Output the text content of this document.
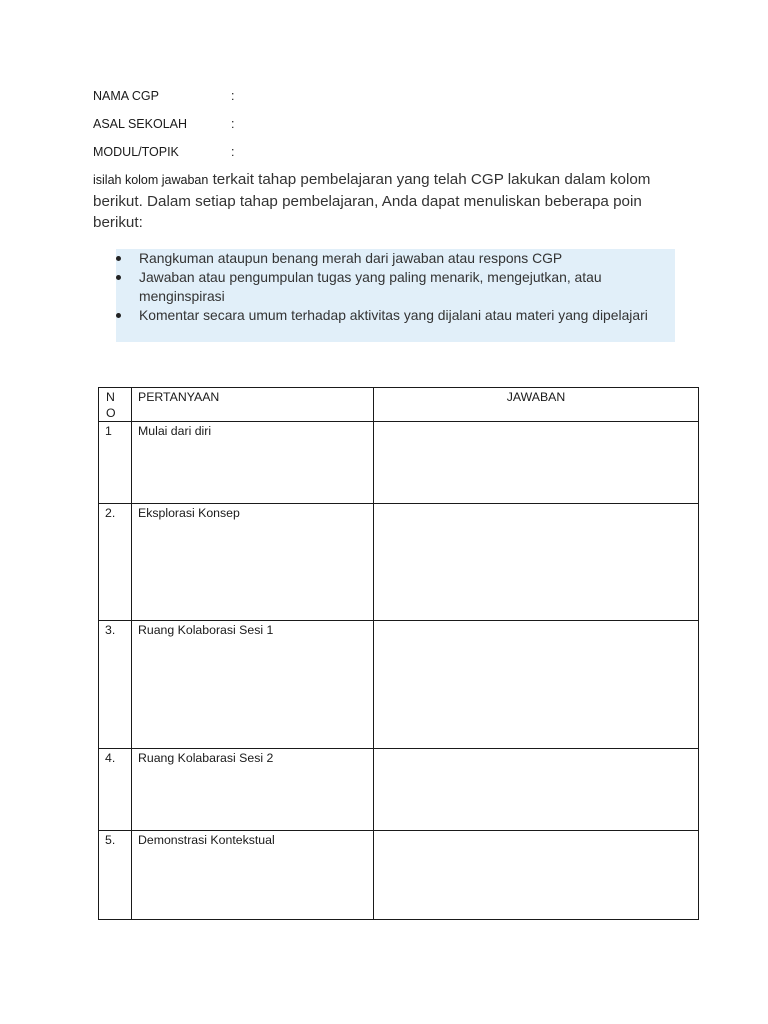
NAMA CGP	:
ASAL SEKOLAH	:
MODUL/TOPIK	:
isilah kolom jawaban terkait tahap pembelajaran yang telah CGP lakukan dalam kolom berikut. Dalam setiap tahap pembelajaran, Anda dapat menuliskan beberapa poin berikut:
Rangkuman ataupun benang merah dari jawaban atau respons CGP
Jawaban atau pengumpulan tugas yang paling menarik, mengejutkan, atau menginspirasi
Komentar secara umum terhadap aktivitas yang dijalani atau materi yang dipelajari
NO	PERTANYAAN	JAWABAN
1	Mulai dari diri	
2.	Eksplorasi Konsep	
3.	Ruang Kolaborasi Sesi 1	
4.	Ruang Kolabarasi Sesi 2	
5.	Demonstrasi Kontekstual	
